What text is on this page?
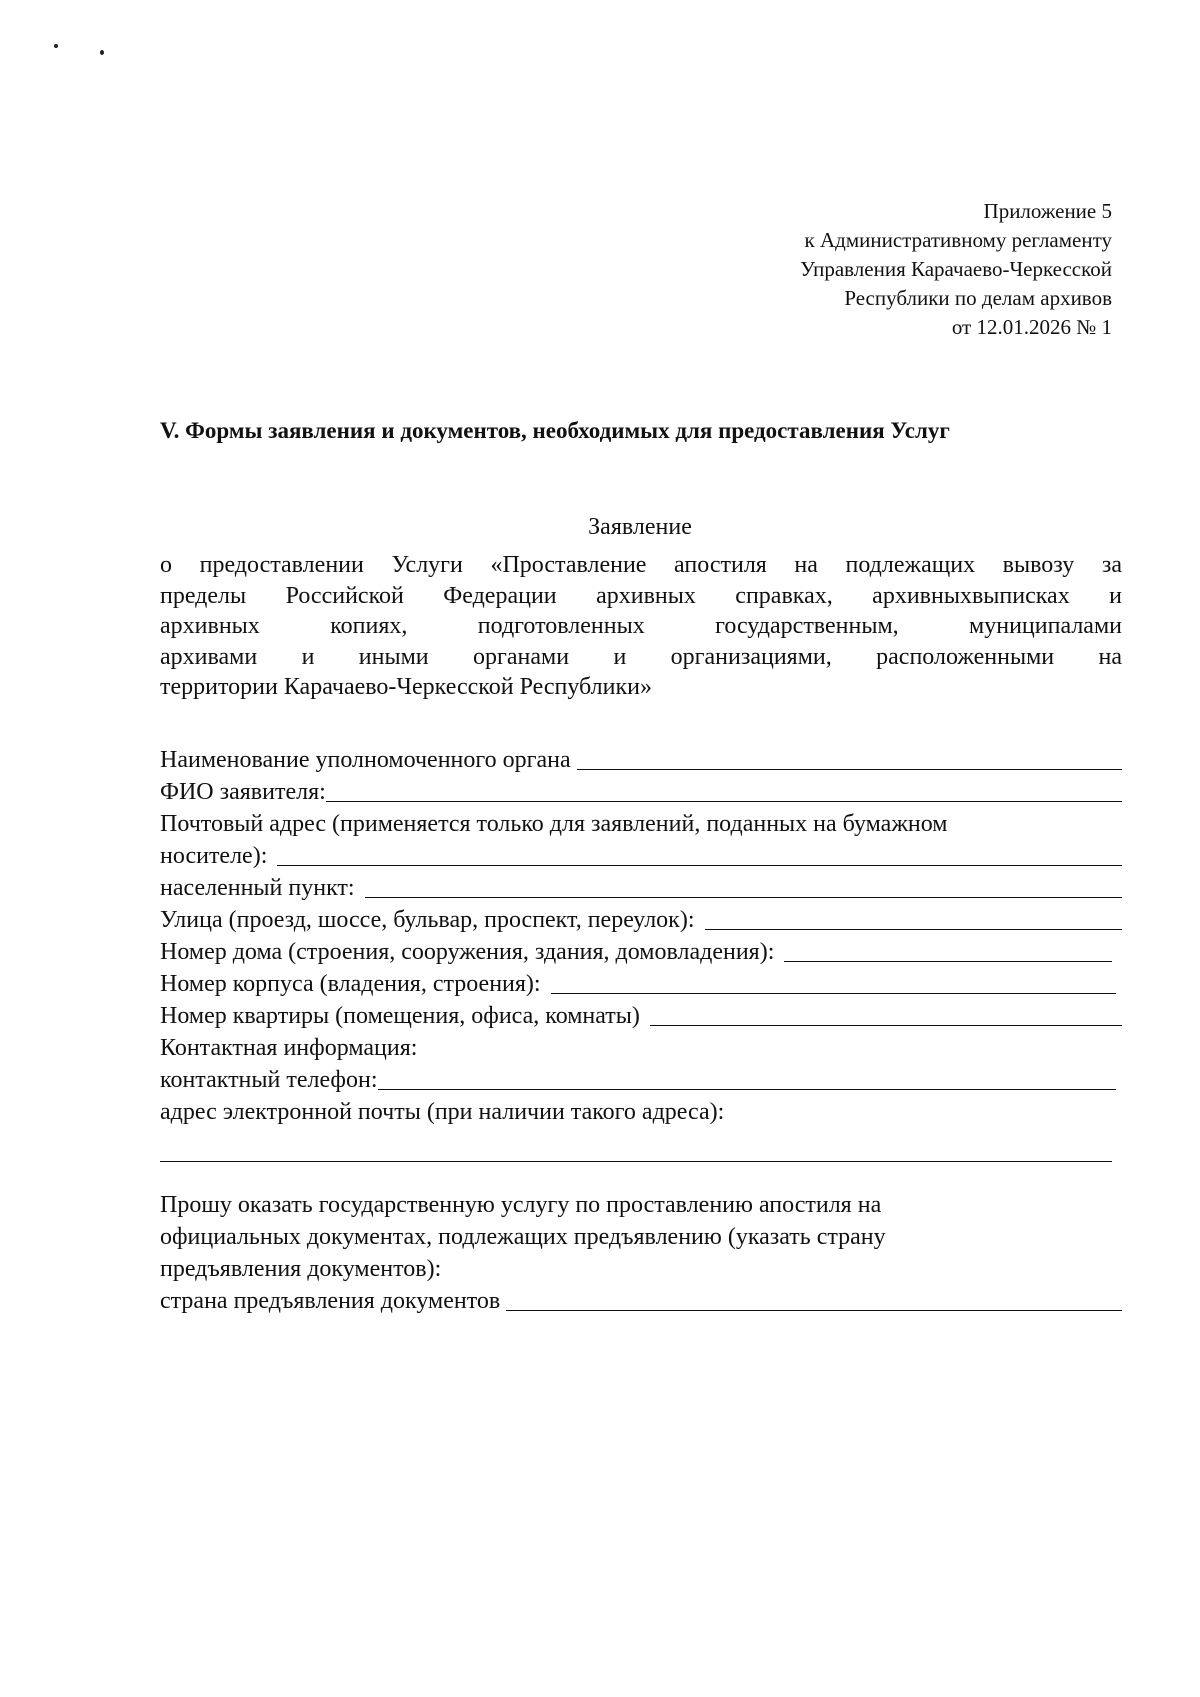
Приложение 5
к Административному регламенту
Управления Карачаево-Черкесской
Республики по делам архивов
от 12.01.2026 № 1
V. Формы заявления и документов, необходимых для предоставления Услуг
Заявление
о предоставлении Услуги «Проставление апостиля на подлежащих вывозу за
пределы Российской Федерации архивных справках, архивныхвыписках и
архивных копиях, подготовленных государственным, муниципалами
архивами и иными органами и организациями, расположенными на
территории Карачаево-Черкесской Республики»
Наименование уполномоченного органа
ФИО заявителя:
Почтовый адрес (применяется только для заявлений, поданных на бумажном
носителе):
населенный пункт:
Улица (проезд, шоссе, бульвар, проспект, переулок):
Номер дома (строения, сооружения, здания, домовладения):
Номер корпуса (владения, строения):
Номер квартиры (помещения, офиса, комнаты)
Контактная информация:
контактный телефон:
адрес электронной почты (при наличии такого адреса):
Прошу оказать государственную услугу по проставлению апостиля на
официальных документах, подлежащих предъявлению (указать страну
предъявления документов):
страна предъявления документов
